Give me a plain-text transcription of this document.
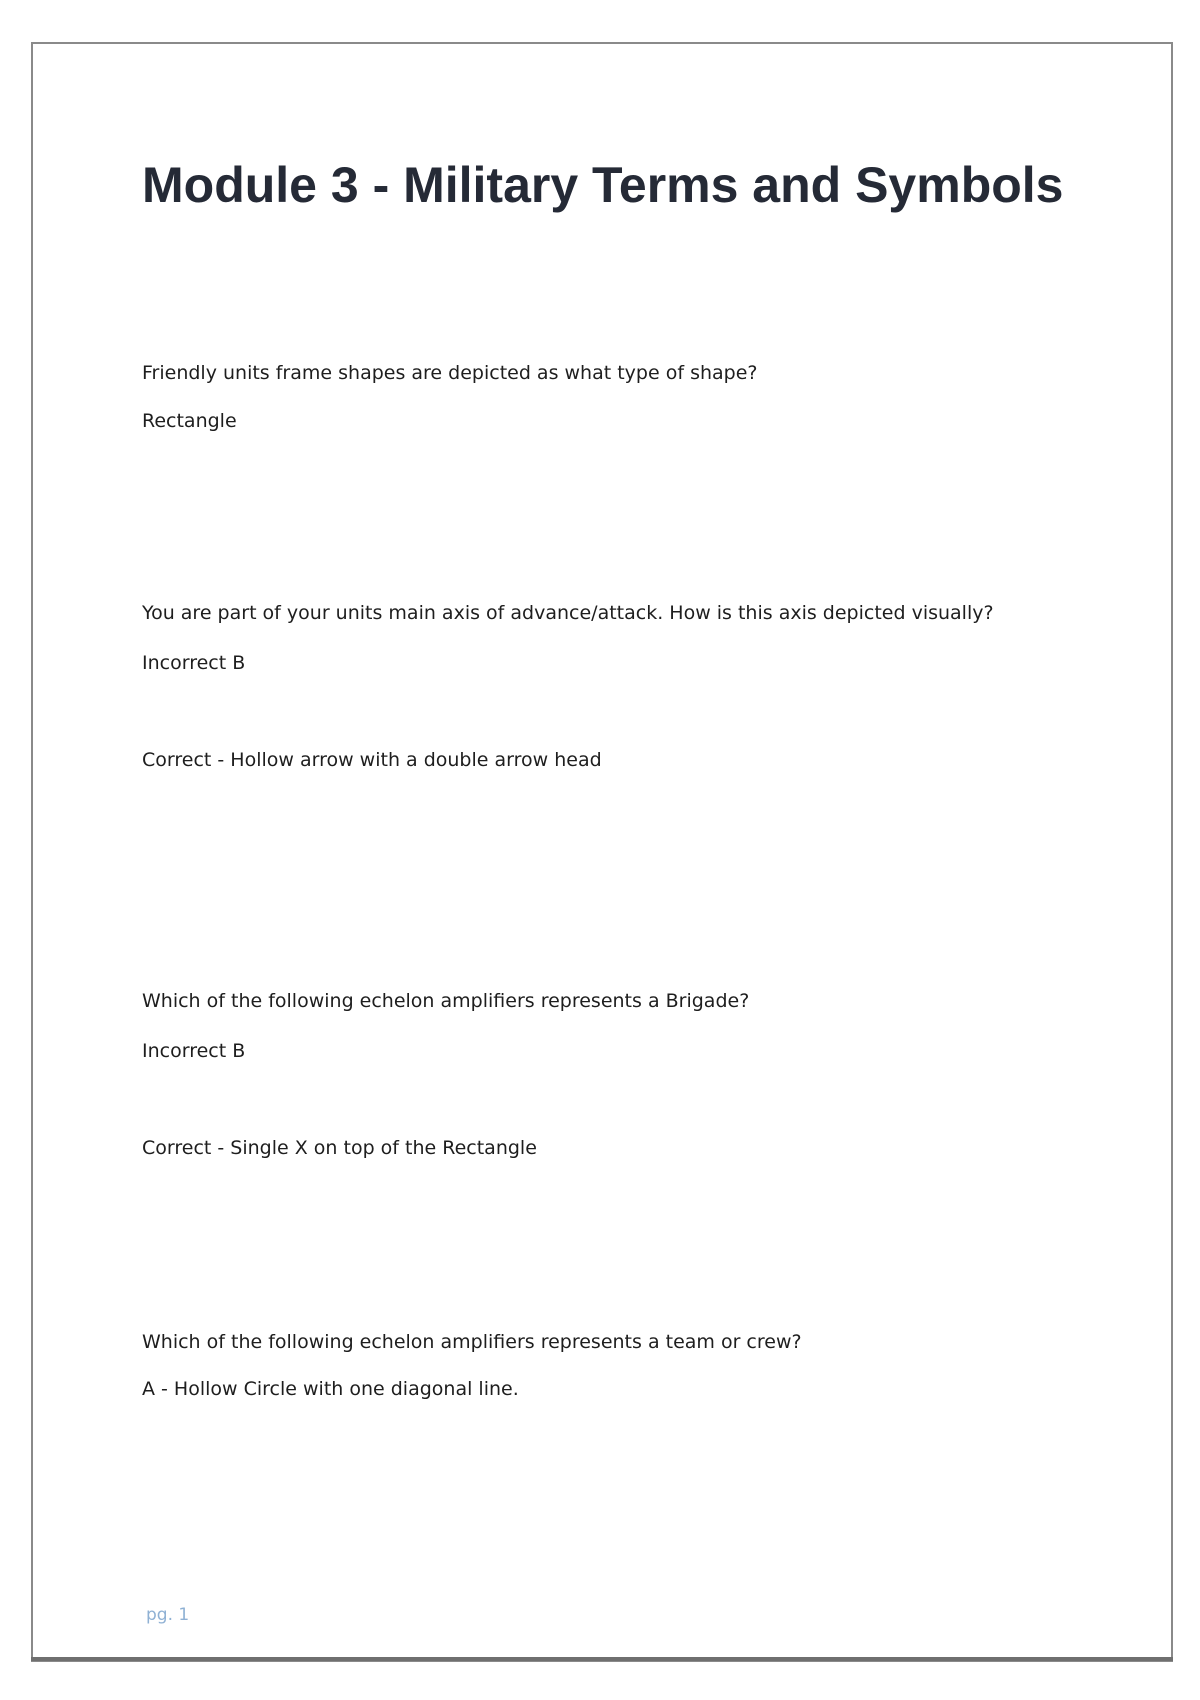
Module 3 - Military Terms and Symbols

Friendly units frame shapes are depicted as what type of shape?

Rectangle

You are part of your units main axis of advance/attack. How is this axis depicted visually?

Incorrect B

Correct - Hollow arrow with a double arrow head

Which of the following echelon amplifiers represents a Brigade?

Incorrect B

Correct - Single X on top of the Rectangle

Which of the following echelon amplifiers represents a team or crew?

A - Hollow Circle with one diagonal line.

pg. 1
